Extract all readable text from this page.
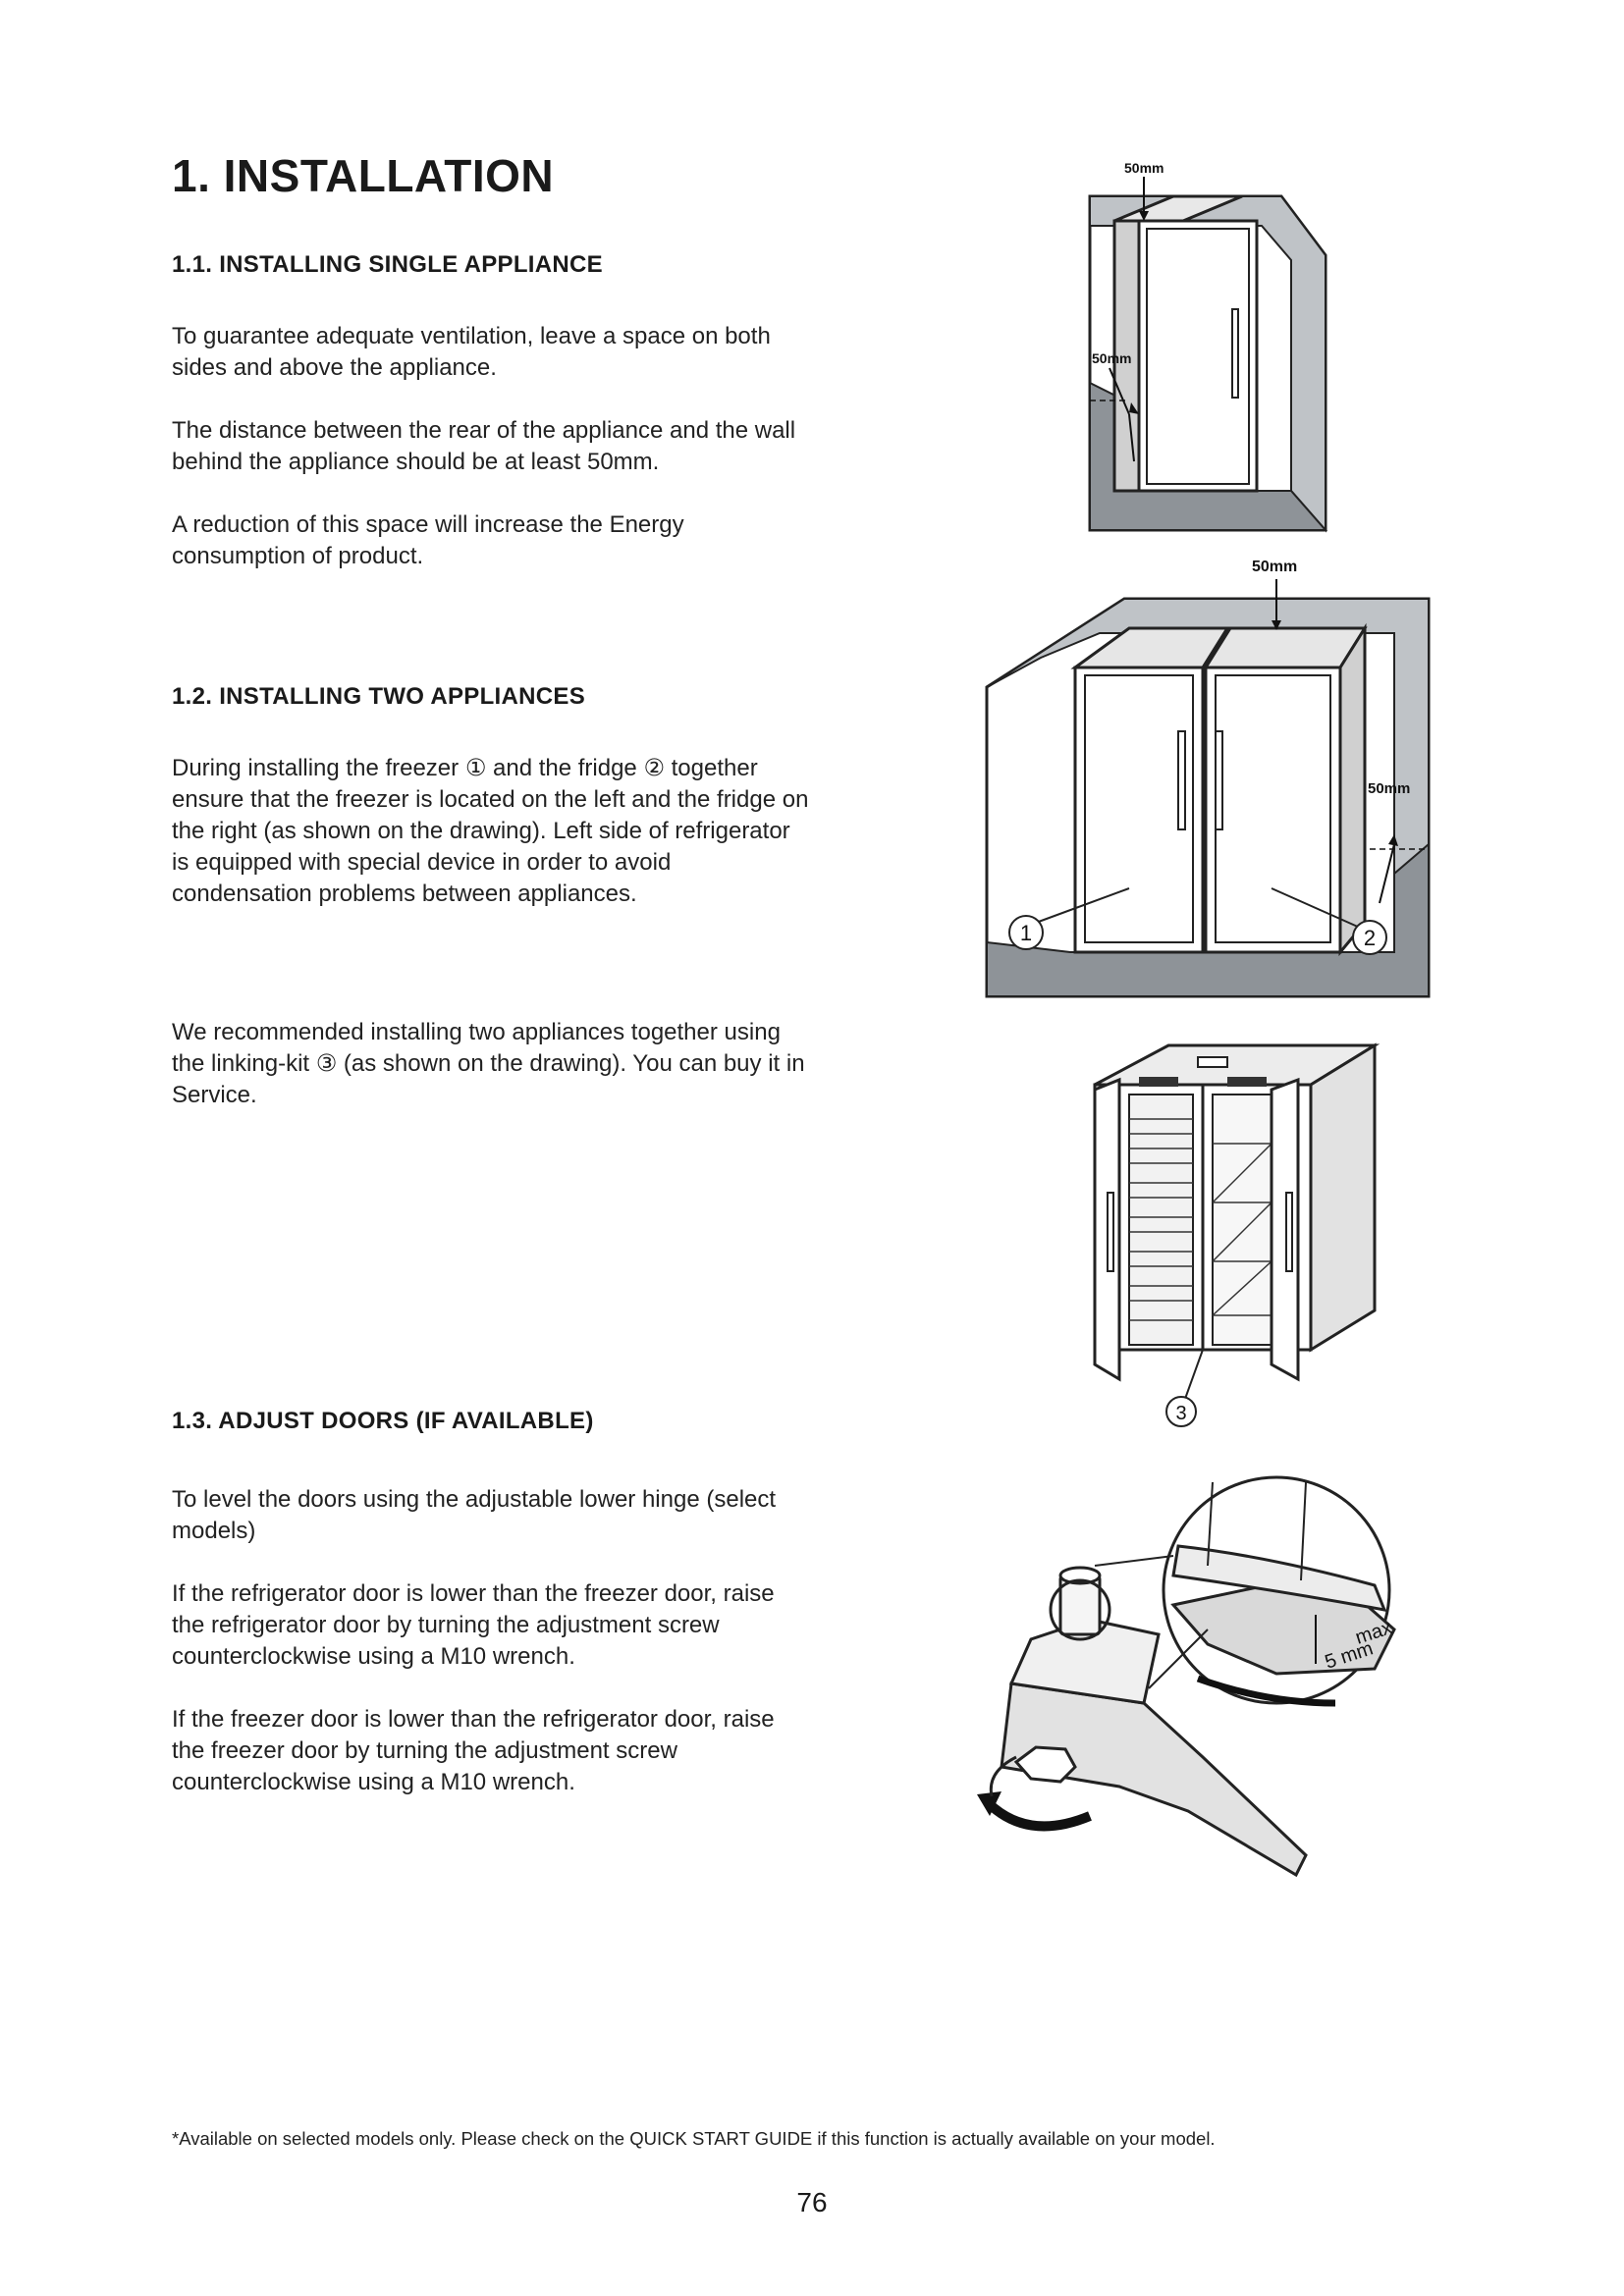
1. INSTALLATION
1.1. INSTALLING SINGLE APPLIANCE
To guarantee adequate ventilation, leave a space on both sides and above the appliance.
The distance between the rear of the appliance and the wall behind the appliance should be at least 50mm.
A reduction of this space will increase the Energy consumption of product.
1.2. INSTALLING TWO APPLIANCES
During installing the freezer ① and the fridge ② together ensure that the freezer is located on the left and the fridge on the right (as shown on the drawing). Left side of refrigerator is equipped with special device in order to avoid condensation problems between appliances.
We recommended installing two appliances together using the linking-kit ③ (as shown on the drawing). You can buy it in Service.
1.3. ADJUST DOORS (IF AVAILABLE)
To level the doors using the adjustable lower hinge (select models)
If the refrigerator door is lower than the freezer door, raise the refrigerator door by turning the adjustment screw counterclockwise using a M10 wrench.
If the freezer door is lower than the refrigerator door, raise the freezer door by turning the adjustment screw counterclockwise using a M10 wrench.
50mm
50mm
1	2
50mm
50mm
3
max
5 mm
*Available on selected models only. Please check on the QUICK START GUIDE if this function is actually available on your model.
76
